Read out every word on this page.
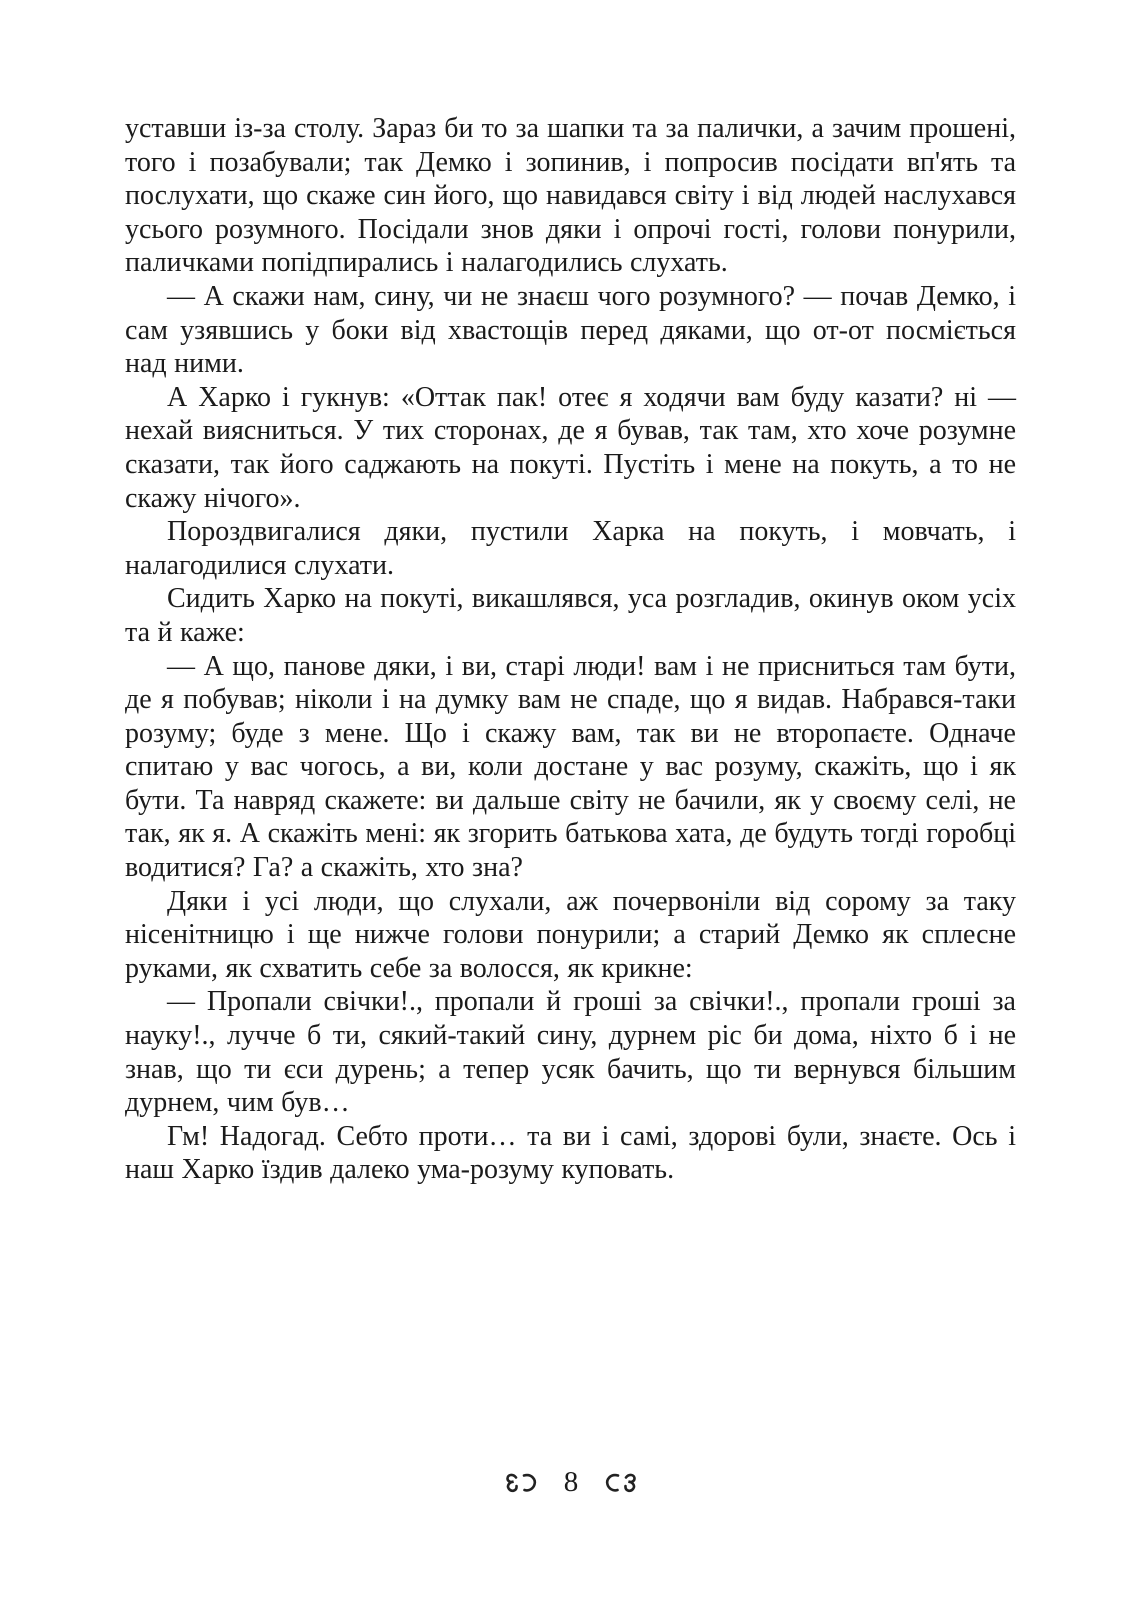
уставши із-за столу. Зараз би то за шапки та за палички, а зачим прошені, того і позабували; так Демко і зопинив, і попросив посідати вп'ять та послухати, що скаже син його, що навидався світу і від людей наслухався усього розумного. Посідали знов дяки і опрочі гості, голови понурили, паличками попідпирались і налагодились слухать.

— А скажи нам, сину, чи не знаєш чого розумного? — почав Демко, і сам узявшись у боки від хвастощів перед дяками, що от-от посміється над ними.

А Харко і гукнув: «Оттак пак! отеє я ходячи вам буду казати? ні — нехай виясниться. У тих сторонах, де я бував, так там, хто хоче розумне сказати, так його саджають на покуті. Пустіть і мене на покуть, а то не скажу нічого».

Пороздвигалися дяки, пустили Харка на покуть, і мовчать, і налагодилися слухати.

Сидить Харко на покуті, викашлявся, уса розгладив, окинув оком усіх та й каже:

— А що, панове дяки, і ви, старі люди! вам і не присниться там бути, де я побував; ніколи і на думку вам не спаде, що я видав. Набрався-таки розуму; буде з мене. Що і скажу вам, так ви не второпаєте. Одначе спитаю у вас чогось, а ви, коли достане у вас розуму, скажіть, що і як бути. Та навряд скажете: ви дальше світу не бачили, як у своєму селі, не так, як я. А скажіть мені: як згорить батькова хата, де будуть тогді горобці водитися? Га? а скажіть, хто зна?

Дяки і усі люди, що слухали, аж почервоніли від сорому за таку нісенітницю і ще нижче голови понурили; а старий Демко як сплесне руками, як схватить себе за волосся, як крикне:

— Пропали свічки!., пропали й гроші за свічки!., пропали гроші за науку!., лучче б ти, сякий-такий сину, дурнем ріс би дома, ніхто б і не знав, що ти єси дурень; а тепер усяк бачить, що ти вернувся більшим дурнем, чим був…

Гм! Надогад. Себто проти… та ви і самі, здорові були, знаєте. Ось і наш Харко їздив далеко ума-розуму куповать.

8
